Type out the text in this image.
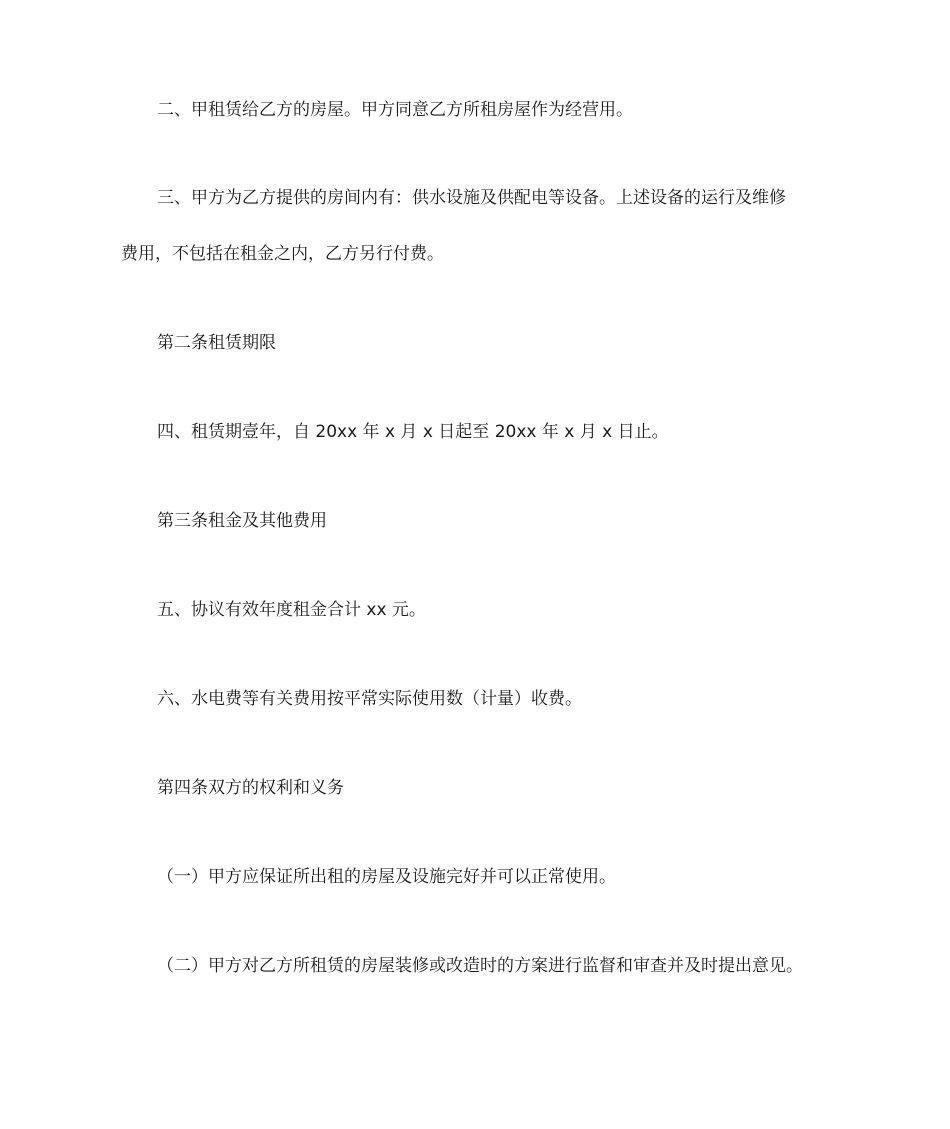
二、甲租赁给乙方的房屋。甲方同意乙方所租房屋作为经营用。

三、甲方为乙方提供的房间内有：供水设施及供配电等设备。上述设备的运行及维修

费用，不包括在租金之内，乙方另行付费。

第二条租赁期限

四、租赁期壹年，自 20xx 年 x 月 x 日起至 20xx 年 x 月 x 日止。

第三条租金及其他费用

五、协议有效年度租金合计 xx 元。

六、水电费等有关费用按平常实际使用数（计量）收费。

第四条双方的权利和义务

（一）甲方应保证所出租的房屋及设施完好并可以正常使用。

（二）甲方对乙方所租赁的房屋装修或改造时的方案进行监督和审查并及时提出意见。
